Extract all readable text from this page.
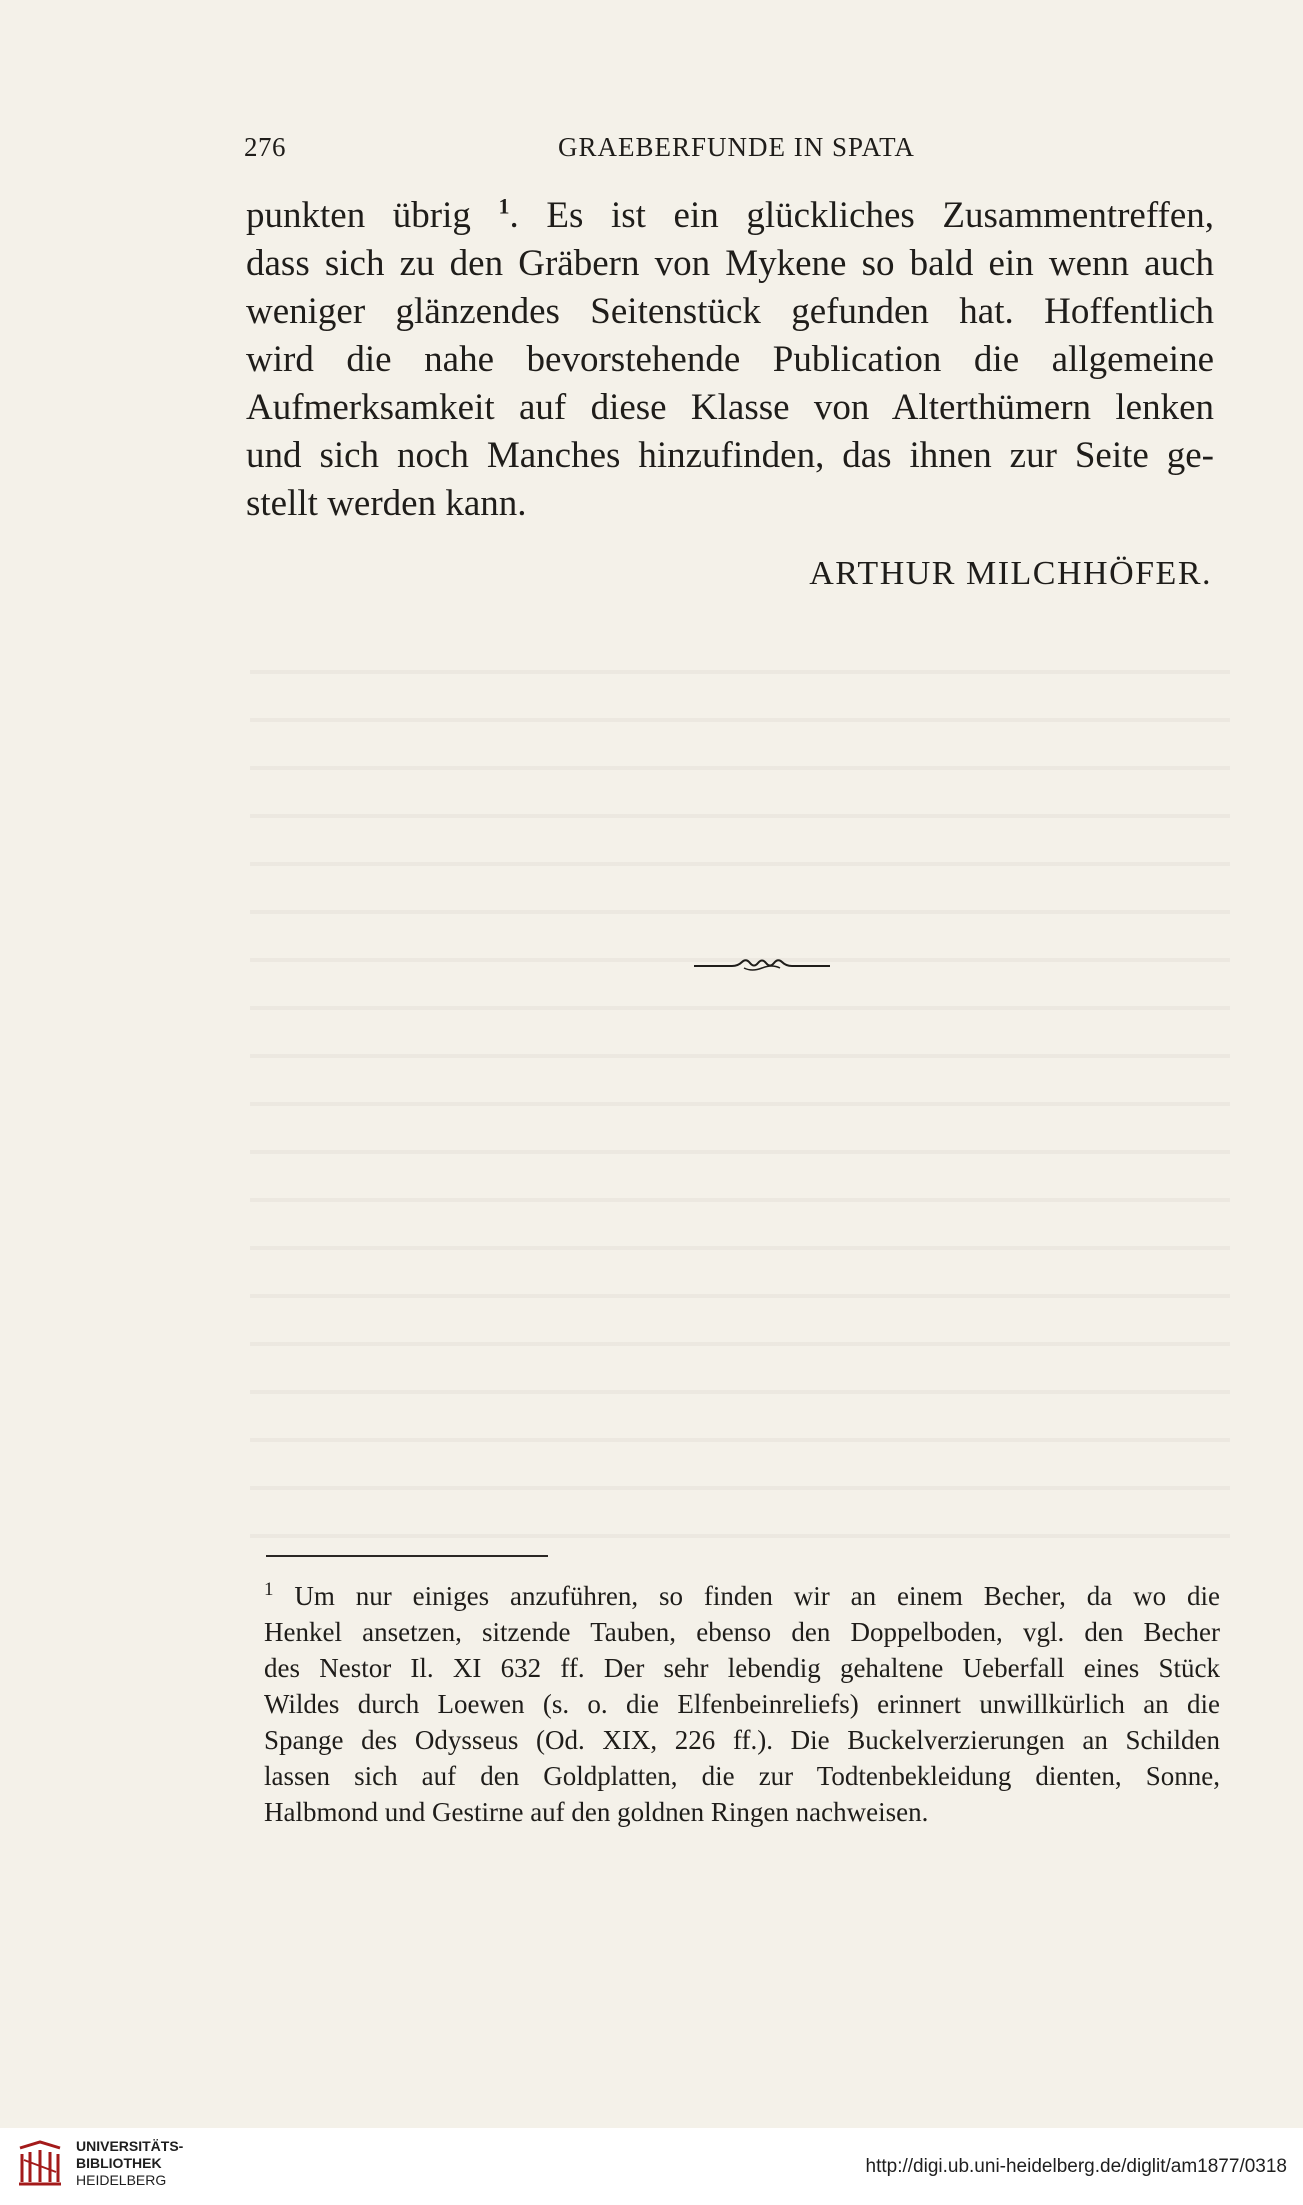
276	GRAEBERFUNDE IN SPATA
punkten übrig $^1$. Es ist ein glückliches Zusammentreffen,
dass sich zu den Gräbern von Mykene so bald ein wenn auch
weniger glänzendes Seitenstück gefunden hat. Hoffentlich
wird die nahe bevorstehende Publication die allgemeine
Aufmerksamkeit auf diese Klasse von Alterthümern lenken
und sich noch Manches hinzufinden, das ihnen zur Seite ge-
stellt werden kann.
ARTHUR MILCHHÖFER.
$^1$ Um nur einiges anzuführen, so finden wir an einem Becher, da wo die
Henkel ansetzen, sitzende Tauben, ebenso den Doppelboden, vgl. den Becher
des Nestor Il. XI 632 ff. Der sehr lebendig gehaltene Ueberfall eines Stück
Wildes durch Loewen (s. o. die Elfenbeinreliefs) erinnert unwillkürlich an die
Spange des Odysseus (Od. XIX, 226 ff.). Die Buckelverzierungen an Schilden
lassen sich auf den Goldplatten, die zur Todtenbekleidung dienten, Sonne,
Halbmond und Gestirne auf den goldnen Ringen nachweisen.
UNIVERSITÄTS-
BIBLIOTHEK
HEIDELBERG
http://digi.ub.uni-heidelberg.de/diglit/am1877/0318
